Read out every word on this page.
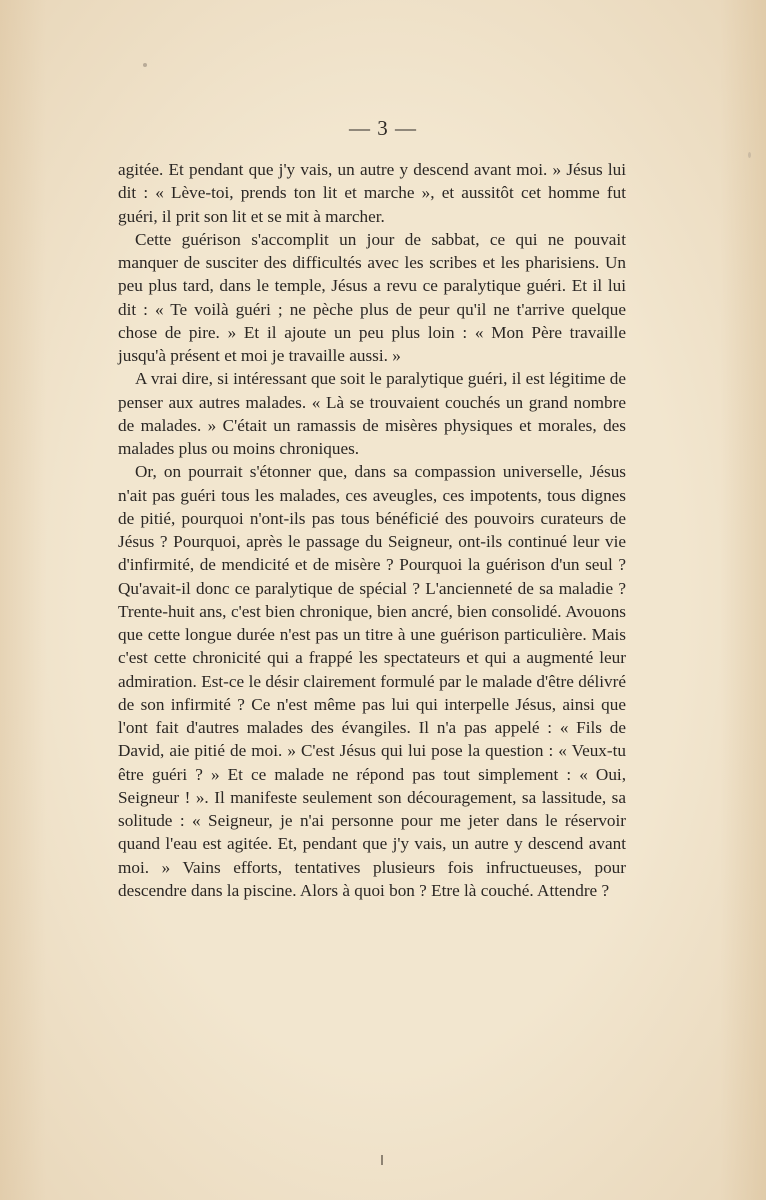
— 3 —

agitée. Et pendant que j'y vais, un autre y descend avant moi. » Jésus lui dit : « Lève-toi, prends ton lit et marche », et aussitôt cet homme fut guéri, il prit son lit et se mit à marcher.

Cette guérison s'accomplit un jour de sabbat, ce qui ne pouvait manquer de susciter des difficultés avec les scribes et les pharisiens. Un peu plus tard, dans le temple, Jésus a revu ce paralytique guéri. Et il lui dit : « Te voilà guéri ; ne pèche plus de peur qu'il ne t'arrive quelque chose de pire. » Et il ajoute un peu plus loin : « Mon Père travaille jusqu'à présent et moi je travaille aussi. »

A vrai dire, si intéressant que soit le paralytique guéri, il est légitime de penser aux autres malades. « Là se trouvaient couchés un grand nombre de malades. » C'était un ramassis de misères physiques et morales, des malades plus ou moins chroniques.

Or, on pourrait s'étonner que, dans sa compassion universelle, Jésus n'ait pas guéri tous les malades, ces aveugles, ces impotents, tous dignes de pitié, pourquoi n'ont-ils pas tous bénéficié des pouvoirs curateurs de Jésus ? Pourquoi, après le passage du Seigneur, ont-ils continué leur vie d'infirmité, de mendicité et de misère ? Pourquoi la guérison d'un seul ? Qu'avait-il donc ce paralytique de spécial ? L'ancienneté de sa maladie ? Trente-huit ans, c'est bien chronique, bien ancré, bien consolidé. Avouons que cette longue durée n'est pas un titre à une guérison particulière. Mais c'est cette chronicité qui a frappé les spectateurs et qui a augmenté leur admiration. Est-ce le désir clairement formulé par le malade d'être délivré de son infirmité ? Ce n'est même pas lui qui interpelle Jésus, ainsi que l'ont fait d'autres malades des évangiles. Il n'a pas appelé : « Fils de David, aie pitié de moi. » C'est Jésus qui lui pose la question : « Veux-tu être guéri ? » Et ce malade ne répond pas tout simplement : « Oui, Seigneur ! ». Il manifeste seulement son découragement, sa lassitude, sa solitude : « Seigneur, je n'ai personne pour me jeter dans le réservoir quand l'eau est agitée. Et, pendant que j'y vais, un autre y descend avant moi. » Vains efforts, tentatives plusieurs fois infructueuses, pour descendre dans la piscine. Alors à quoi bon ? Etre là couché. Attendre ?
